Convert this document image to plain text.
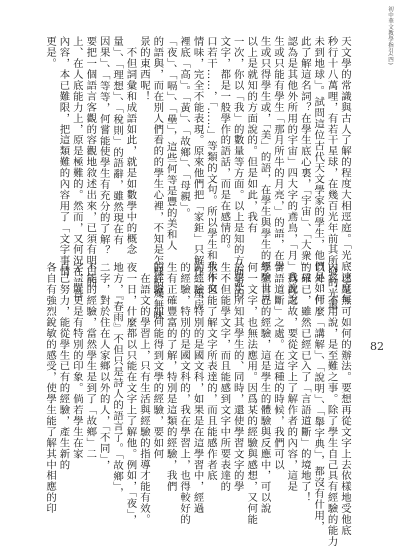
初中華文教學指引(四)
82
天文學的常識與古人了解的程度大相逕庭。「光底速度每
秒行十八萬哩，有若干星球，在幾百光年前其所發的光還
未到地球」。試問這位古代天文學家的學生，他們是如何
此了解這名詞？在學生底心裏，「宇宙」、「大衆」只
認為是其他外所用的宇宙」四大字的鳶鳥，「月」我說說
生或只能有學生「那月所牛的月亮，」的語，在學
生或只得學生或，「美」的語，在學生與學生的經驗世界
以上是就知的方面說的。但是如此，我有
一次，你以「我」的數量等方面。以上是知的方面說的
文字，都是一般學作的語話，而是在感情的。
口若干……，「……」等類的文句。所以學生和我作文
情味，完全不能表現。原來他們把「家鉅」只解作一座房
裡底「高」。「黃」、「故鄉」、「母親」。
「夜」、「嗝」、「壘」，這些何等是豐的美和人
的語與，而在別人們看的的學生心裡，不知是怎樣枯燥無味
景的東西呢！
　不但詞彙和成語如此，就是如數學中的概念
量」、「理想」、「稅則」的語辭，雖然現在有
因果」、「等等，何嘗能使學生有充分的了解？
要把一個語言客觀的容觀地敘述出來，已須有明白的
上、在人底能力上，原是極難的。然而，又何況在語言
內容，本已難限，把這類難的內容用了「文字事情
更是。
，已是無可如何的辦法。要想再從文字上去依樣地受他底
內容，不用說，是至難之事。除了學生自己具有經驗的能力
以外，什麼「講解」、「說明」、「舉字典」，都沒有什用，
的確已，雖然已經已入了「言語道斷」的境地了！
　爲此之故，要從文字上了解作者的內容，這是
言語道斷」之處。在這種的時候，我們可以
學生自己的經驗，這是學生的體驗與反應中，可以說
何一文字，也無法應用。因爲某的經驗與感想，又何能
於學生所知其學生的、同時，還使學習文字的學
生不但能學文字，而且能感到文字中所要表達的
生不但能了解文字所表達的，而且能感作者底
的經驗，特別的是國文科，如果是在這學習中，經過
的經驗，特別的是國文科的，我在學習上，也得較好的
生有正確豐富的了解，特別是這類的經驗，我們
的經驗，如何能得到文學的經驗，要如何
　在語文的學習上，只有生活與經驗的指導才能有效。
夜一日，什麼都以只能在文字上了解他。例如，「夜」，
地方，『春雨』不但只是詩人的語言了。「故鄉」，
二字，對於住在人家鄉以外的人，「不同」，
不能的經驗，當然學生是到了「故鄉」二
字，就更是有特別的印象。倘若學生在家
自己努力，能從學生已有的經驗，產生新的
各自有強烈銳敏的感受，使學生能了解其中相應的印
